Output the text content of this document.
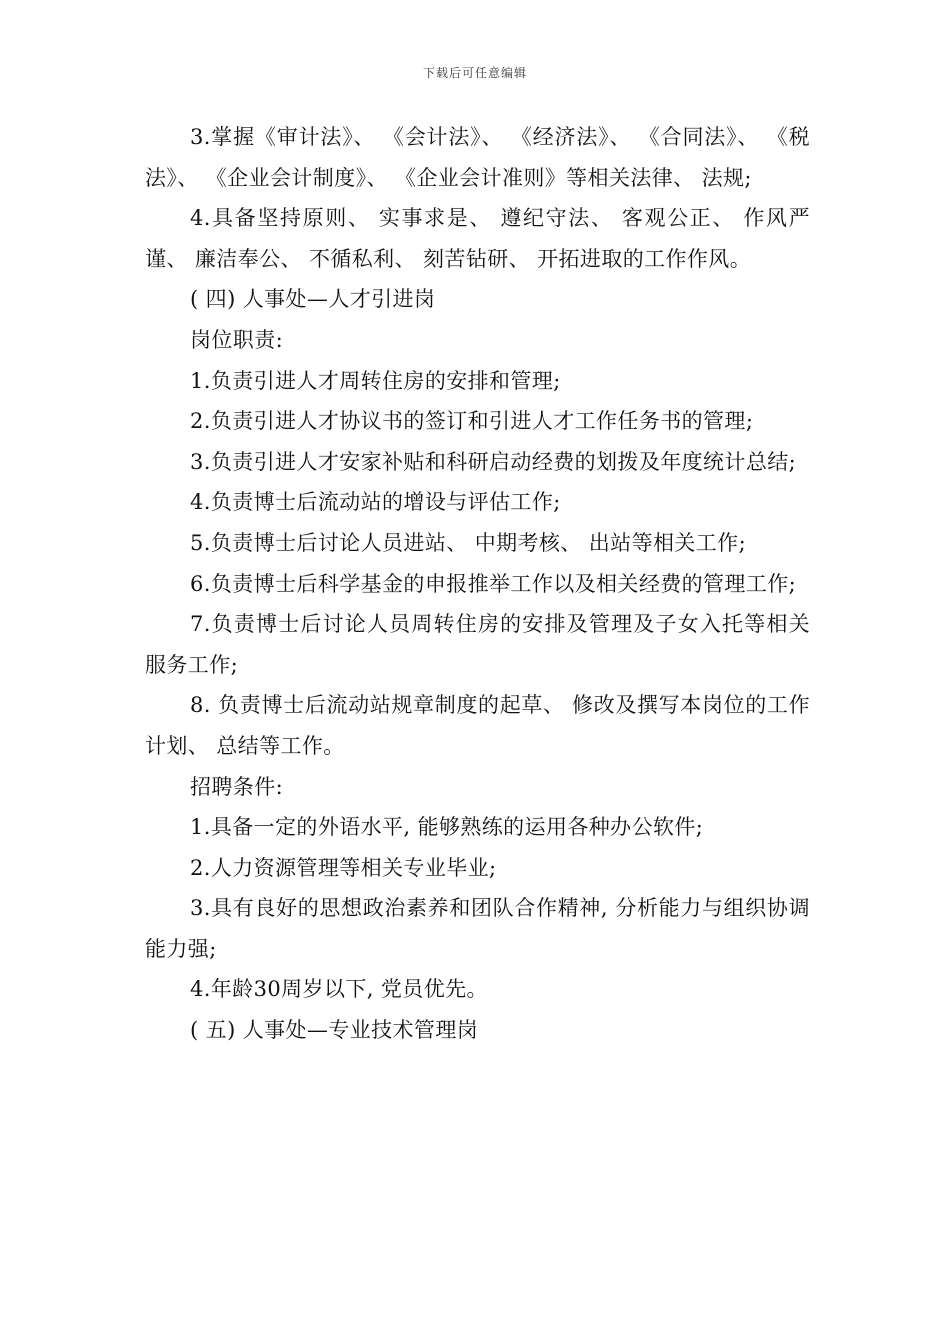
下载后可任意编辑

3.掌握《审计法》、 《会计法》、 《经济法》、 《合同法》、 《税法》、 《企业会计制度》、 《企业会计准则》等相关法律、 法规;

4.具备坚持原则、 实事求是、 遵纪守法、 客观公正、 作风严谨、 廉洁奉公、 不循私利、 刻苦钻研、 开拓进取的工作作风。

( 四) 人事处—人才引进岗

岗位职责:

1.负责引进人才周转住房的安排和管理;

2.负责引进人才协议书的签订和引进人才工作任务书的管理;

3.负责引进人才安家补贴和科研启动经费的划拨及年度统计总结;

4.负责博士后流动站的增设与评估工作;

5.负责博士后讨论人员进站、 中期考核、 出站等相关工作;

6.负责博士后科学基金的申报推举工作以及相关经费的管理工作;

7.负责博士后讨论人员周转住房的安排及管理及子女入托等相关服务工作;

8. 负责博士后流动站规章制度的起草、 修改及撰写本岗位的工作计划、 总结等工作。

招聘条件:

1.具备一定的外语水平, 能够熟练的运用各种办公软件;

2.人力资源管理等相关专业毕业;

3.具有良好的思想政治素养和团队合作精神, 分析能力与组织协调能力强;

4.年龄30周岁以下, 党员优先。

( 五) 人事处—专业技术管理岗
